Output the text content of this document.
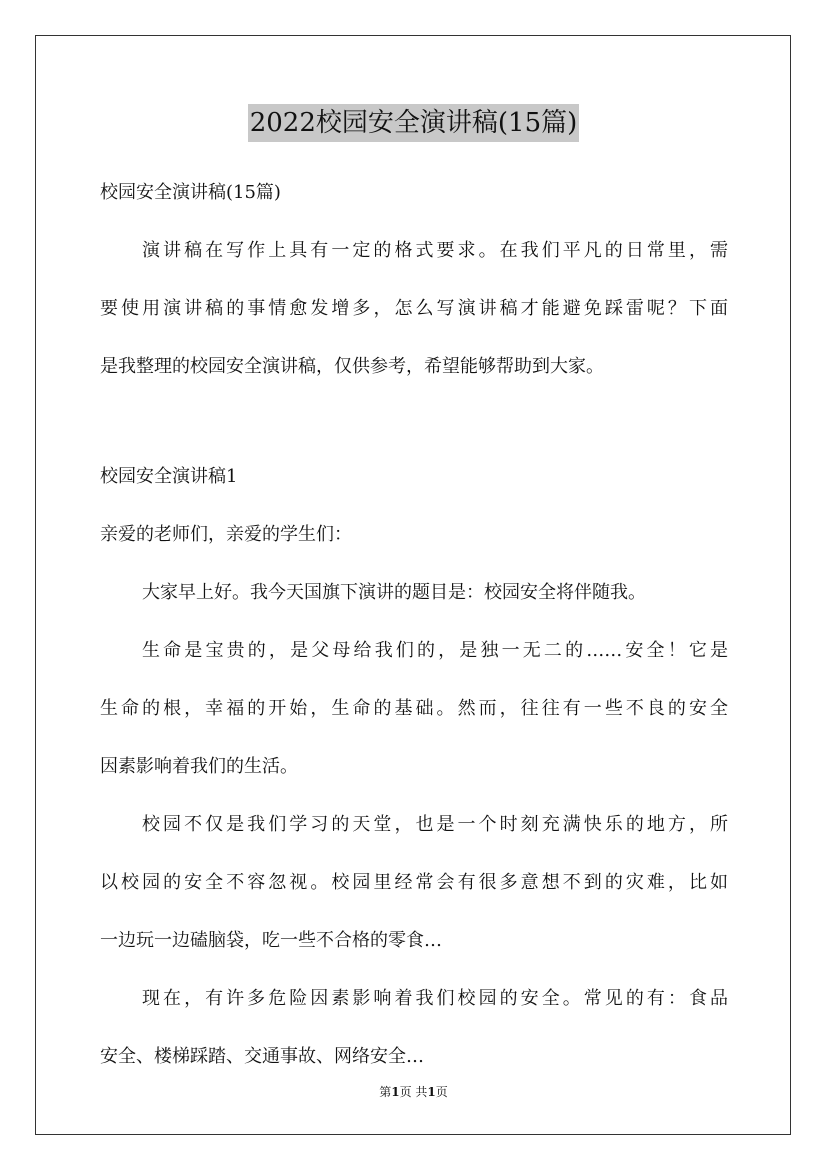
2022校园安全演讲稿(15篇)
校园安全演讲稿(15篇)
演讲稿在写作上具有一定的格式要求。在我们平凡的日常里，需
要使用演讲稿的事情愈发增多，怎么写演讲稿才能避免踩雷呢？下面
是我整理的校园安全演讲稿，仅供参考，希望能够帮助到大家。
校园安全演讲稿1
亲爱的老师们，亲爱的学生们：
大家早上好。我今天国旗下演讲的题目是：校园安全将伴随我。
生命是宝贵的，是父母给我们的，是独一无二的……安全！它是
生命的根，幸福的开始，生命的基础。然而，往往有一些不良的安全
因素影响着我们的生活。
校园不仅是我们学习的天堂，也是一个时刻充满快乐的地方，所
以校园的安全不容忽视。校园里经常会有很多意想不到的灾难，比如
一边玩一边磕脑袋，吃一些不合格的零食…
现在，有许多危险因素影响着我们校园的安全。常见的有：食品
安全、楼梯踩踏、交通事故、网络安全…
第1页 共1页
